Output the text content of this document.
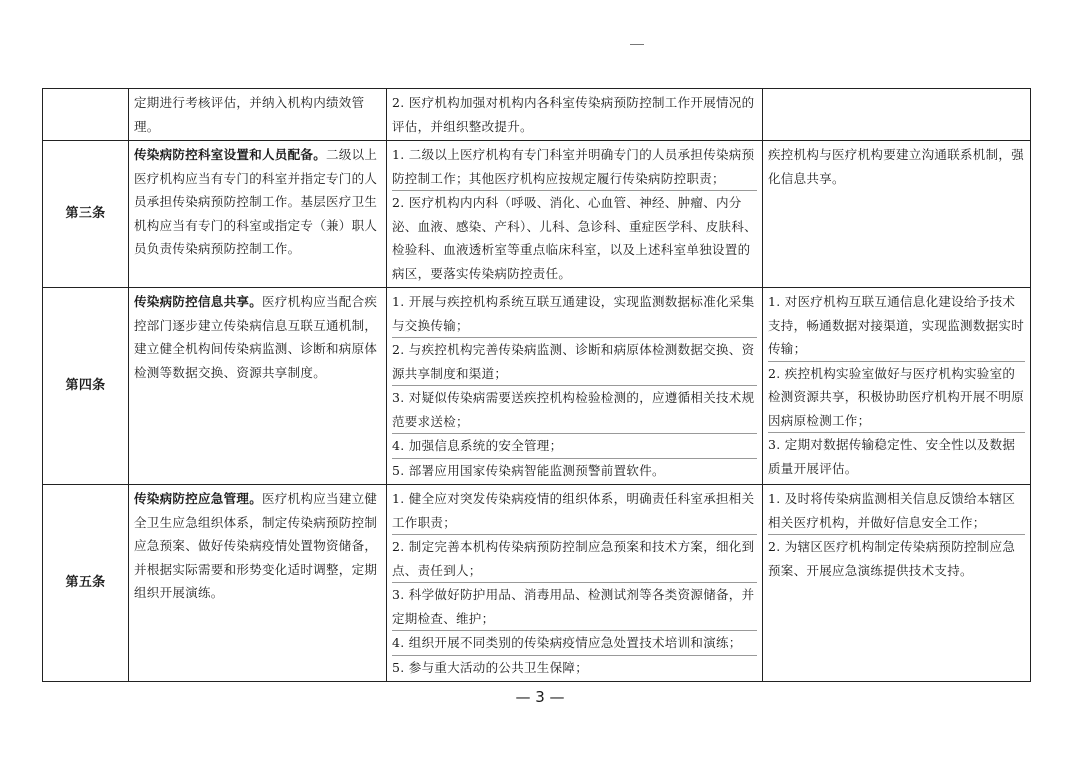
	定期进行考核评估，并纳入机构内绩效管理。	2. 医疗机构加强对机构内各科室传染病预防控制工作开展情况的评估，并组织整改提升。	

第三条	传染病防控科室设置和人员配备。二级以上医疗机构应当有专门的科室并指定专门的人员承担传染病预防控制工作。基层医疗卫生机构应当有专门的科室或指定专（兼）职人员负责传染病预防控制工作。	1. 二级以上医疗机构有专门科室并明确专门的人员承担传染病预防控制工作；其他医疗机构应按规定履行传染病防控职责；
2. 医疗机构内内科（呼吸、消化、心血管、神经、肿瘤、内分泌、血液、感染、产科）、儿科、急诊科、重症医学科、皮肤科、检验科、血液透析室等重点临床科室，以及上述科室单独设置的病区，要落实传染病防控责任。	疾控机构与医疗机构要建立沟通联系机制，强化信息共享。

第四条	传染病防控信息共享。医疗机构应当配合疾控部门逐步建立传染病信息互联互通机制，建立健全机构间传染病监测、诊断和病原体检测等数据交换、资源共享制度。	1. 开展与疾控机构系统互联互通建设，实现监测数据标准化采集与交换传输；
2. 与疾控机构完善传染病监测、诊断和病原体检测数据交换、资源共享制度和渠道；
3. 对疑似传染病需要送疾控机构检验检测的，应遵循相关技术规范要求送检；
4. 加强信息系统的安全管理；
5. 部署应用国家传染病智能监测预警前置软件。	1. 对医疗机构互联互通信息化建设给予技术支持，畅通数据对接渠道，实现监测数据实时传输；
2. 疾控机构实验室做好与医疗机构实验室的检测资源共享，积极协助医疗机构开展不明原因病原检测工作；
3. 定期对数据传输稳定性、安全性以及数据质量开展评估。

第五条	传染病防控应急管理。医疗机构应当建立健全卫生应急组织体系，制定传染病预防控制应急预案、做好传染病疫情处置物资储备，并根据实际需要和形势变化适时调整，定期组织开展演练。	1. 健全应对突发传染病疫情的组织体系，明确责任科室承担相关工作职责；
2. 制定完善本机构传染病预防控制应急预案和技术方案，细化到点、责任到人；
3. 科学做好防护用品、消毒用品、检测试剂等各类资源储备，并定期检查、维护；
4. 组织开展不同类别的传染病疫情应急处置技术培训和演练；
5. 参与重大活动的公共卫生保障；	1. 及时将传染病监测相关信息反馈给本辖区相关医疗机构，并做好信息安全工作；
2. 为辖区医疗机构制定传染病预防控制应急预案、开展应急演练提供技术支持。
— 3 —
